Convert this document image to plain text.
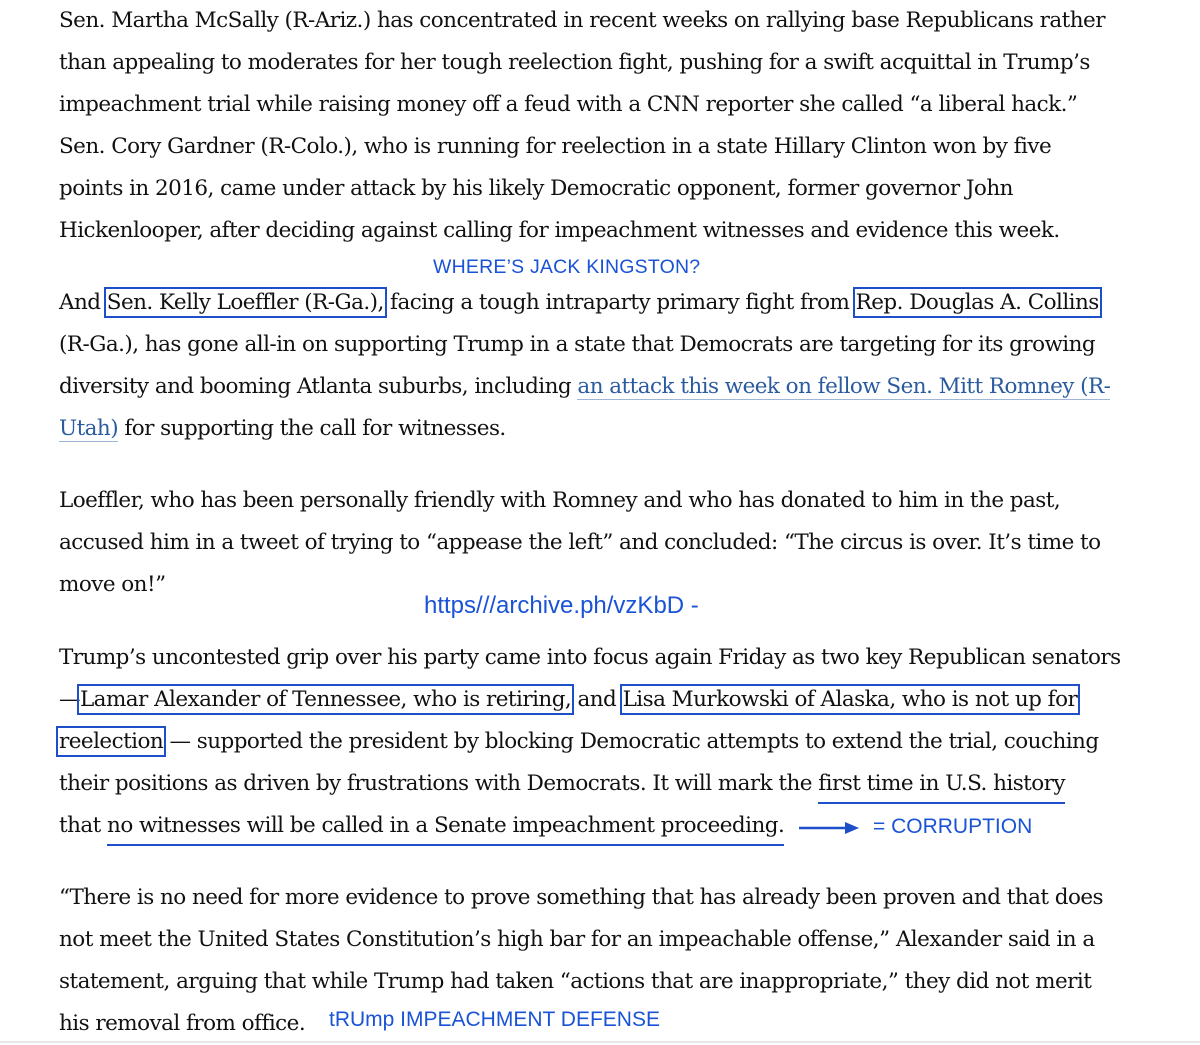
Sen. Martha McSally (R-Ariz.) has concentrated in recent weeks on rallying base Republicans rather
than appealing to moderates for her tough reelection fight, pushing for a swift acquittal in Trump’s
impeachment trial while raising money off a feud with a CNN reporter she called “a liberal hack.”
Sen. Cory Gardner (R-Colo.), who is running for reelection in a state Hillary Clinton won by five
points in 2016, came under attack by his likely Democratic opponent, former governor John
Hickenlooper, after deciding against calling for impeachment witnesses and evidence this week.

And Sen. Kelly Loeffler (R-Ga.), facing a tough intraparty primary fight from Rep. Douglas A. Collins
(R-Ga.), has gone all-in on supporting Trump in a state that Democrats are targeting for its growing
diversity and booming Atlanta suburbs, including an attack this week on fellow Sen. Mitt Romney (R-
Utah) for supporting the call for witnesses.

Loeffler, who has been personally friendly with Romney and who has donated to him in the past,
accused him in a tweet of trying to “appease the left” and concluded: “The circus is over. It’s time to
move on!”

Trump’s uncontested grip over his party came into focus again Friday as two key Republican senators
—Lamar Alexander of Tennessee, who is retiring, and Lisa Murkowski of Alaska, who is not up for
reelection — supported the president by blocking Democratic attempts to extend the trial, couching
their positions as driven by frustrations with Democrats. It will mark the first time in U.S. history
that no witnesses will be called in a Senate impeachment proceeding.

“There is no need for more evidence to prove something that has already been proven and that does
not meet the United States Constitution’s high bar for an impeachable offense,” Alexander said in a
statement, arguing that while Trump had taken “actions that are inappropriate,” they did not merit
his removal from office.

WHERE’S JACK KINGSTON?
https///archive.ph/vzKbD -
= CORRUPTION
tRUmp IMPEACHMENT DEFENSE
